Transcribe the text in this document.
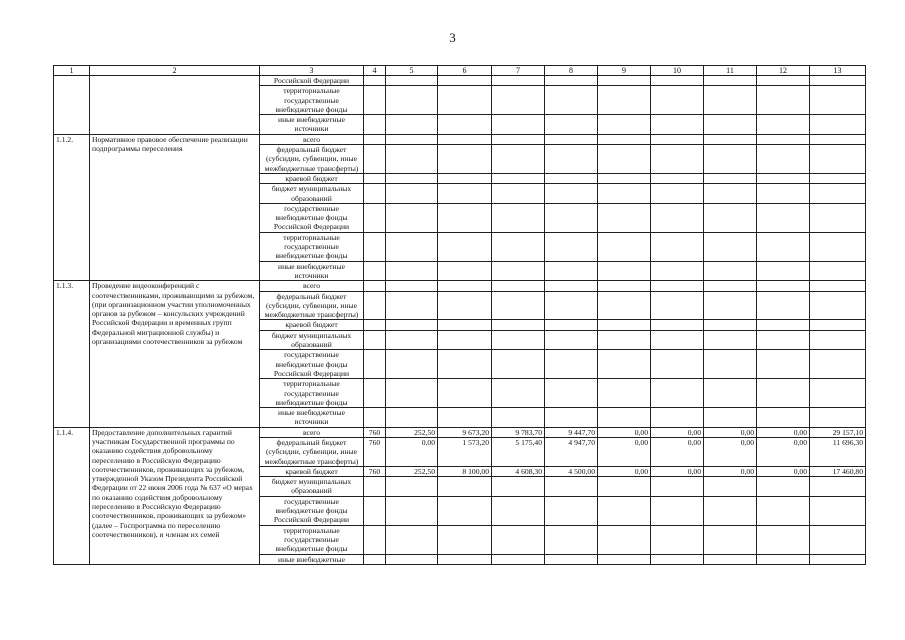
3
1	2	3	4	5	6	7	8	9	10	11	12	13
		Российской Федерации										
		территориальные государственные внебюджетные фонды										
		иные внебюджетные источники										
1.1.2.	Нормативное правовое обеспечение реализации подпрограммы переселения	всего										
		федеральный бюджет (субсидии, субвенции, иные межбюджетные трансферты)										
		краевой бюджет										
		бюджет муниципальных образований										
		государственные внебюджетные фонды Российской Федерации										
		территориальные государственные внебюджетные фонды										
		иные внебюджетные источники										
1.1.3.	Проведение видеоконференций с соотечественниками, проживающими за рубежом, (при организационном участии уполномоченных органов за рубежом – консульских учреждений Российской Федерации и временных групп Федеральной миграционной службы) и организациями соотечественников за рубежом	всего										
		федеральный бюджет (субсидии, субвенции, иные межбюджетные трансферты)										
		краевой бюджет										
		бюджет муниципальных образований										
		государственные внебюджетные фонды Российской Федерации										
		территориальные государственные внебюджетные фонды										
		иные внебюджетные источники										
1.1.4.	Предоставление дополнительных гарантий участникам Государственной программы по оказанию содействия добровольному переселению в Российскую Федерацию соотечественников, проживающих за рубежом, утвержденной Указом Президента Российской Федерации от 22 июня 2006 года № 637 «О мерах по оказанию содействия добровольному переселению в Российскую Федерацию соотечественников, проживающих за рубежом» (далее – Госпрограмма по переселению соотечественников), и членам их семей	всего	760	252,50	9 673,20	9 783,70	9 447,70	0,00	0,00	0,00	0,00	29 157,10
		федеральный бюджет (субсидии, субвенции, иные межбюджетные трансферты)	760	0,00	1 573,20	5 175,40	4 947,70	0,00	0,00	0,00	0,00	11 696,30
		краевой бюджет	760	252,50	8 100,00	4 608,30	4 500,00	0,00	0,00	0,00	0,00	17 460,80
		бюджет муниципальных образований										
		государственные внебюджетные фонды Российской Федерации										
		территориальные государственные внебюджетные фонды										
		иные внебюджетные										
